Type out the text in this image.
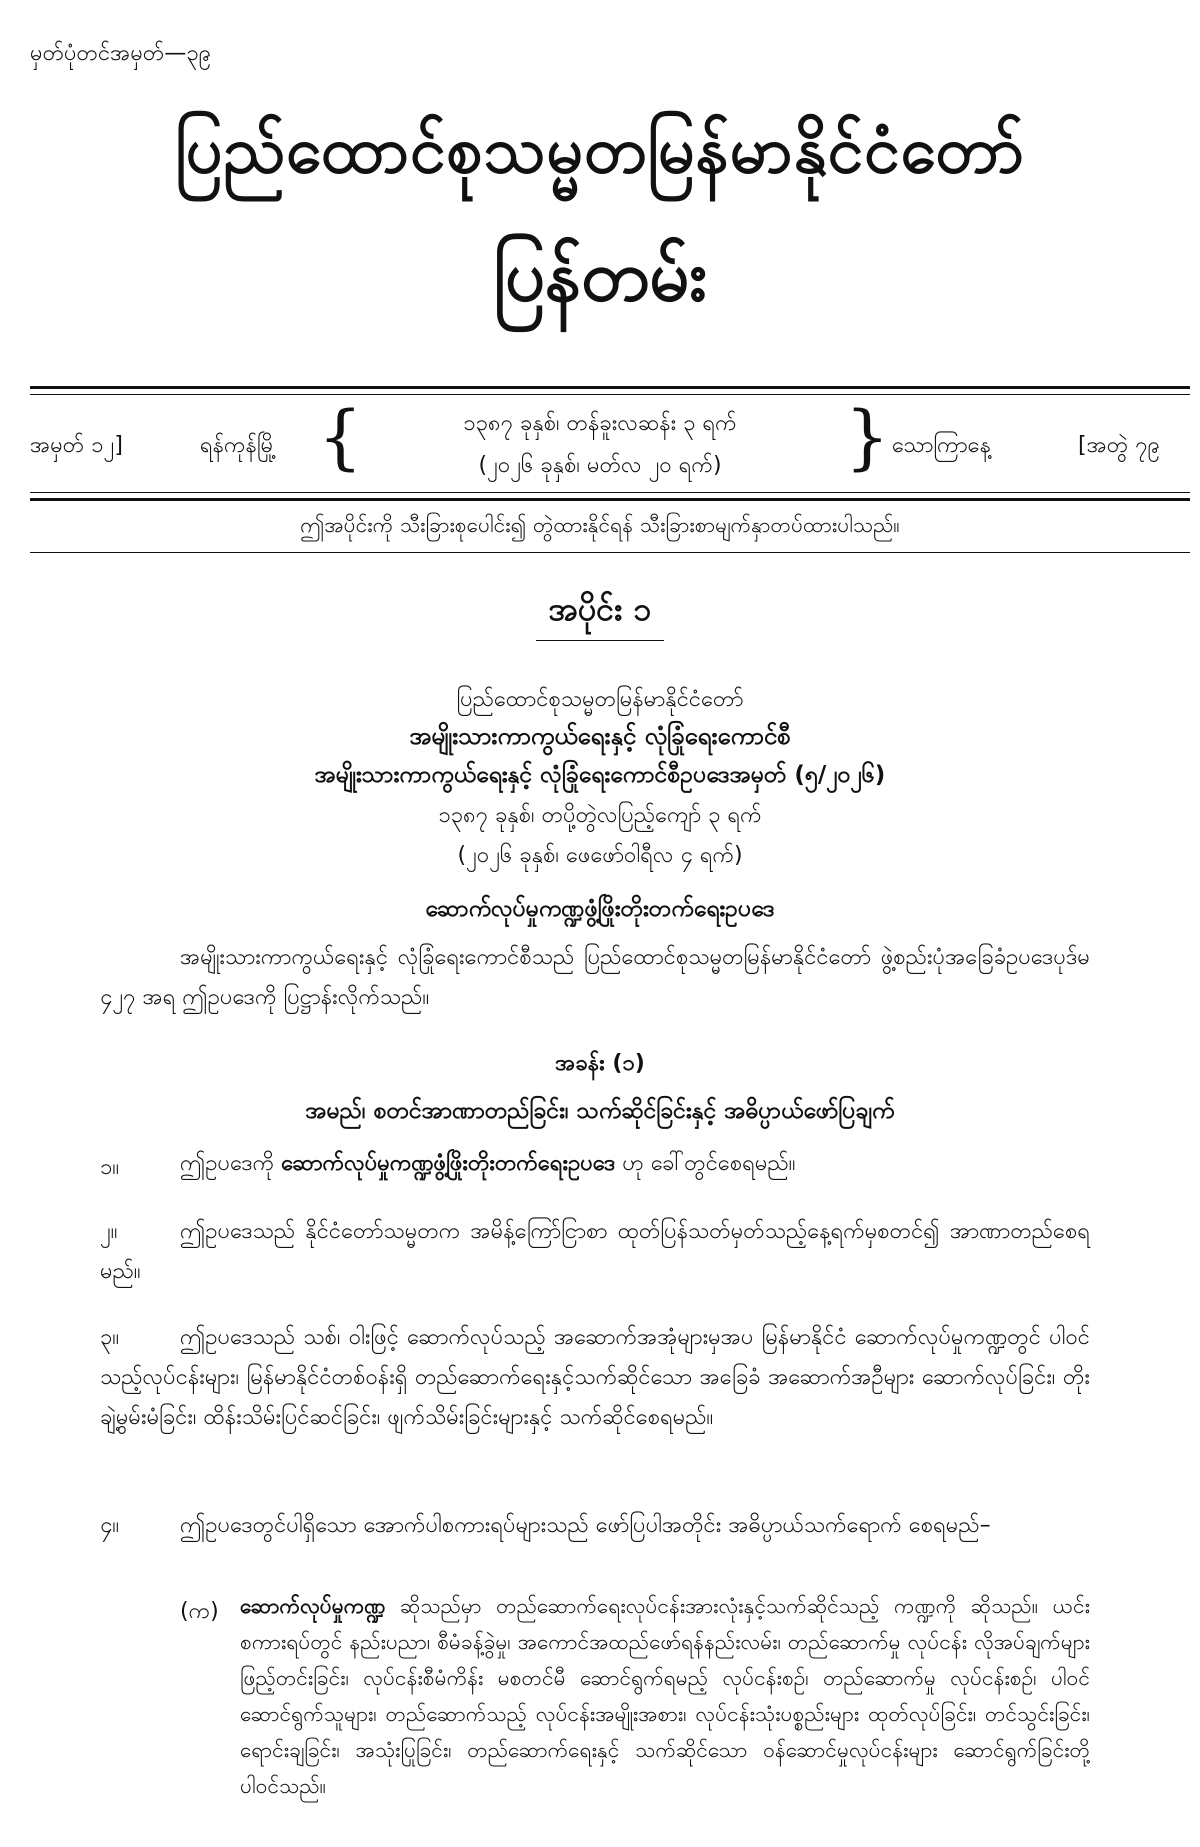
မှတ်ပုံတင်အမှတ်—၃၉
ပြည်ထောင်စုသမ္မတမြန်မာနိုင်ငံတော်
ပြန်တမ်း
အမှတ် ၁၂]	ရန်ကုန်မြို့ {	၁၃၈၇ ခုနှစ်၊ တန်ခူးလဆန်း ၃ ရက်
(၂၀၂၆ ခုနှစ်၊ မတ်လ ၂၀ ရက်)	} သောကြာနေ့	[အတွဲ ၇၉
ဤအပိုင်းကို သီးခြားစုပေါင်း၍ တွဲထားနိုင်ရန် သီးခြားစာမျက်နှာတပ်ထားပါသည်။
အပိုင်း ၁
ပြည်ထောင်စုသမ္မတမြန်မာနိုင်ငံတော်
အမျိုးသားကာကွယ်ရေးနှင့် လုံခြုံရေးကောင်စီ
အမျိုးသားကာကွယ်ရေးနှင့် လုံခြုံရေးကောင်စီဥပဒေအမှတ် (၅/၂၀၂၆)
၁၃၈၇ ခုနှစ်၊ တပို့တွဲလပြည့်ကျော် ၃ ရက်
(၂၀၂၆ ခုနှစ်၊ ဖေဖော်ဝါရီလ ၄ ရက်)
ဆောက်လုပ်မှုကဏ္ဍဖွံ့ဖြိုးတိုးတက်ရေးဥပဒေ
အမျိုးသားကာကွယ်ရေးနှင့် လုံခြုံရေးကောင်စီသည် ပြည်ထောင်စုသမ္မတမြန်မာနိုင်ငံတော် ဖွဲ့စည်းပုံအခြေခံဥပဒေပုဒ်မ ၄၂၇ အရ ဤဥပဒေကို ပြဋ္ဌာန်းလိုက်သည်။
အခန်း (၁)
အမည်၊ စတင်အာဏာတည်ခြင်း၊ သက်ဆိုင်ခြင်းနှင့် အဓိပ္ပာယ်ဖော်ပြချက်
၁။	ဤဥပဒေကို ဆောက်လုပ်မှုကဏ္ဍဖွံ့ဖြိုးတိုးတက်ရေးဥပဒေ ဟု ခေါ်တွင်စေရမည်။
၂။	ဤဥပဒေသည် နိုင်ငံတော်သမ္မတက အမိန့်ကြော်ငြာစာ ထုတ်ပြန်သတ်မှတ်သည့်နေ့ရက်မှစတင်၍ အာဏာတည်စေရမည်။
၃။	ဤဥပဒေသည် သစ်၊ ဝါးဖြင့် ဆောက်လုပ်သည့် အဆောက်အအုံများမှအပ မြန်မာနိုင်ငံ ဆောက်လုပ်မှုကဏ္ဍတွင် ပါဝင်သည့်လုပ်ငန်းများ၊ မြန်မာနိုင်ငံတစ်ဝန်းရှိ တည်ဆောက်ရေးနှင့်သက်ဆိုင်သော အခြေခံ အဆောက်အဦများ ဆောက်လုပ်ခြင်း၊ တိုးချဲ့မွမ်းမံခြင်း၊ ထိန်းသိမ်းပြင်ဆင်ခြင်း၊ ဖျက်သိမ်းခြင်းများနှင့် သက်ဆိုင်စေရမည်။
၄။	ဤဥပဒေတွင်ပါရှိသော အောက်ပါစကားရပ်များသည် ဖော်ပြပါအတိုင်း အဓိပ္ပာယ်သက်ရောက် စေရမည်–
(က) ဆောက်လုပ်မှုကဏ္ဍ ဆိုသည်မှာ တည်ဆောက်ရေးလုပ်ငန်းအားလုံးနှင့်သက်ဆိုင်သည့် ကဏ္ဍကို ဆိုသည်။ ယင်းစကားရပ်တွင် နည်းပညာ၊ စီမံခန့်ခွဲမှု၊ အကောင်အထည်ဖော်ရန်နည်းလမ်း၊ တည်ဆောက်မှု လုပ်ငန်း လိုအပ်ချက်များဖြည့်တင်းခြင်း၊ လုပ်ငန်းစီမံကိန်း မစတင်မီ ဆောင်ရွက်ရမည့် လုပ်ငန်းစဉ်၊ တည်ဆောက်မှု လုပ်ငန်းစဉ်၊ ပါဝင်ဆောင်ရွက်သူများ၊ တည်ဆောက်သည့် လုပ်ငန်းအမျိုးအစား၊ လုပ်ငန်းသုံးပစ္စည်းများ ထုတ်လုပ်ခြင်း၊ တင်သွင်းခြင်း၊ ရောင်းချခြင်း၊ အသုံးပြုခြင်း၊ တည်ဆောက်ရေးနှင့် သက်ဆိုင်သော ဝန်ဆောင်မှုလုပ်ငန်းများ ဆောင်ရွက်ခြင်းတို့ ပါဝင်သည်။
